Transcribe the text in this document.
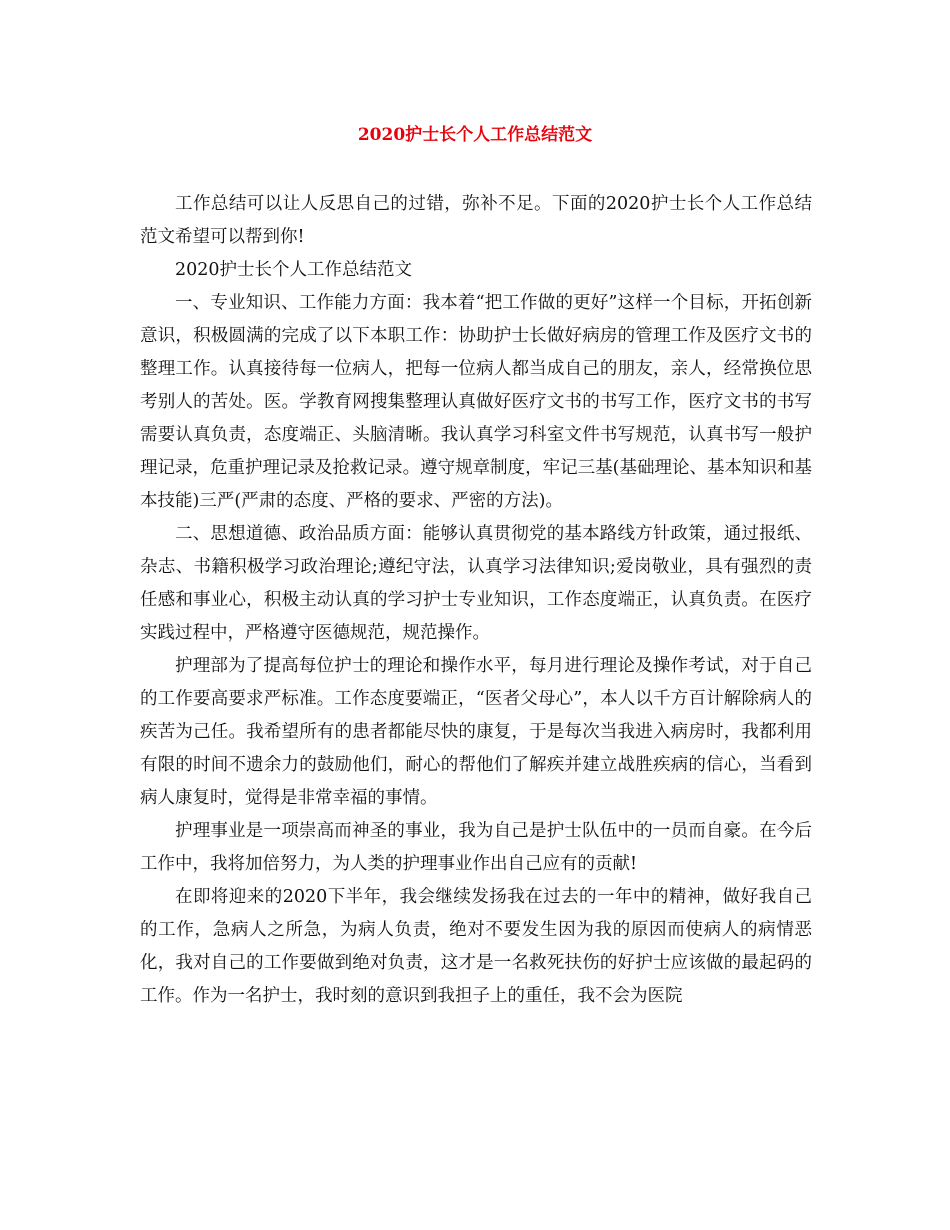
2020护士长个人工作总结范文

工作总结可以让人反思自己的过错，弥补不足。下面的2020护士长个人工作总结范文希望可以帮到你!

2020护士长个人工作总结范文

一、专业知识、工作能力方面：我本着“把工作做的更好”这样一个目标，开拓创新意识，积极圆满的完成了以下本职工作：协助护士长做好病房的管理工作及医疗文书的整理工作。认真接待每一位病人，把每一位病人都当成自己的朋友，亲人，经常换位思考别人的苦处。医。学教育网搜集整理认真做好医疗文书的书写工作，医疗文书的书写需要认真负责，态度端正、头脑清晰。我认真学习科室文件书写规范，认真书写一般护理记录，危重护理记录及抢救记录。遵守规章制度，牢记三基(基础理论、基本知识和基本技能)三严(严肃的态度、严格的要求、严密的方法)。

二、思想道德、政治品质方面：能够认真贯彻党的基本路线方针政策，通过报纸、杂志、书籍积极学习政治理论;遵纪守法，认真学习法律知识;爱岗敬业，具有强烈的责任感和事业心，积极主动认真的学习护士专业知识，工作态度端正，认真负责。在医疗实践过程中，严格遵守医德规范，规范操作。

护理部为了提高每位护士的理论和操作水平，每月进行理论及操作考试，对于自己的工作要高要求严标准。工作态度要端正，“医者父母心”，本人以千方百计解除病人的疾苦为己任。我希望所有的患者都能尽快的康复，于是每次当我进入病房时，我都利用有限的时间不遗余力的鼓励他们，耐心的帮他们了解疾并建立战胜疾病的信心，当看到病人康复时，觉得是非常幸福的事情。

护理事业是一项崇高而神圣的事业，我为自己是护士队伍中的一员而自豪。在今后工作中，我将加倍努力，为人类的护理事业作出自己应有的贡献!

在即将迎来的2020下半年，我会继续发扬我在过去的一年中的精神，做好我自己的工作，急病人之所急，为病人负责，绝对不要发生因为我的原因而使病人的病情恶化，我对自己的工作要做到绝对负责，这才是一名救死扶伤的好护士应该做的最起码的工作。作为一名护士，我时刻的意识到我担子上的重任，我不会为医院
